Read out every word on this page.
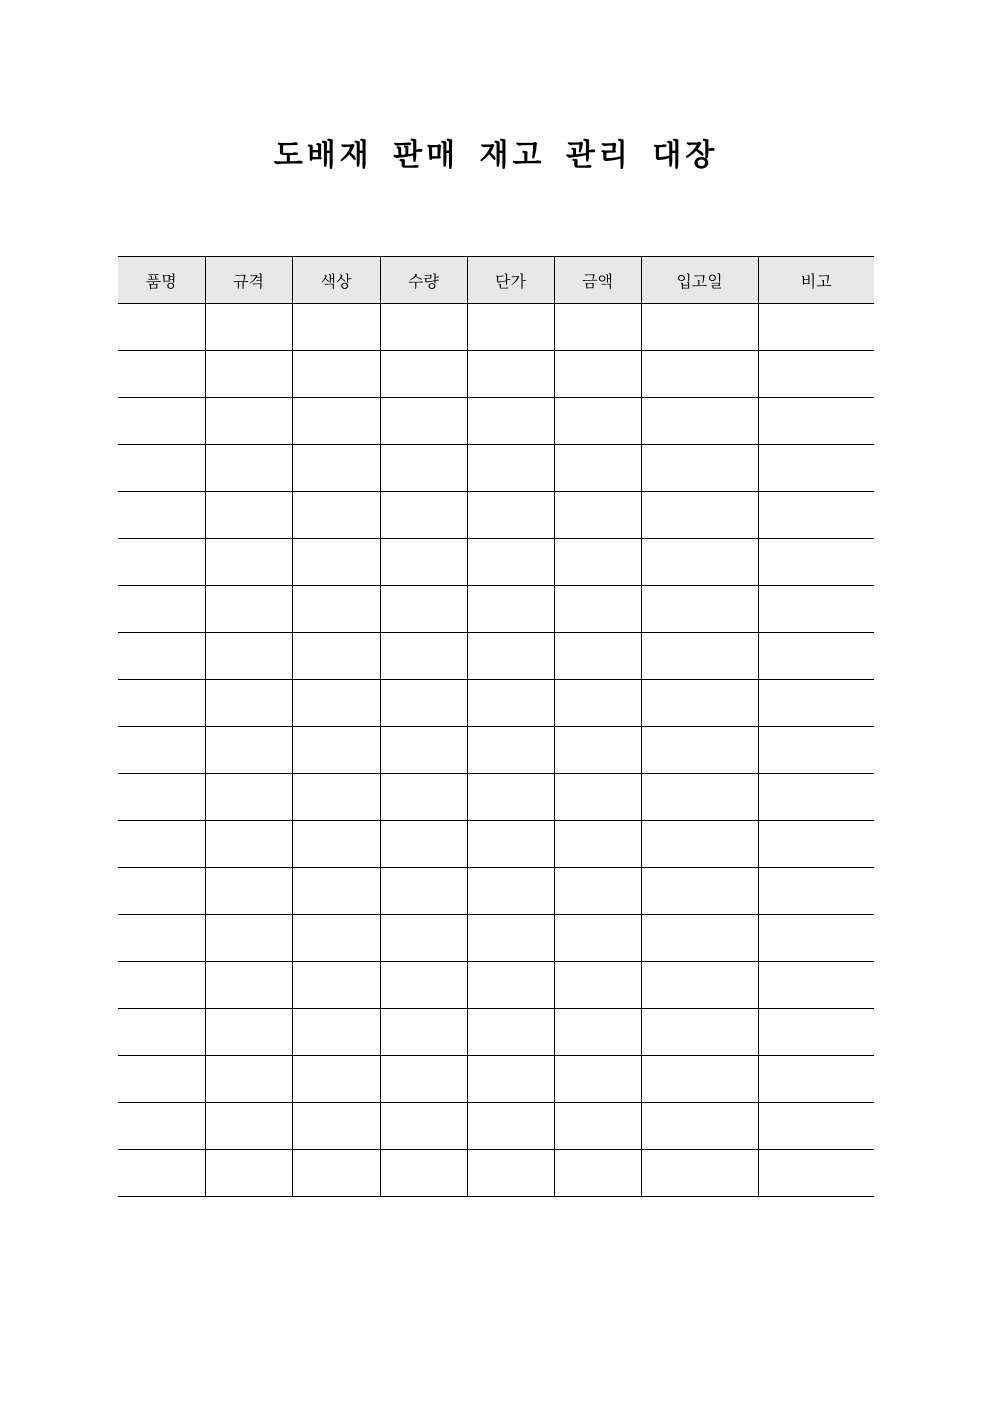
도배재 판매 재고 관리 대장
품명	규격	색상	수량	단가	금액	입고일	비고
